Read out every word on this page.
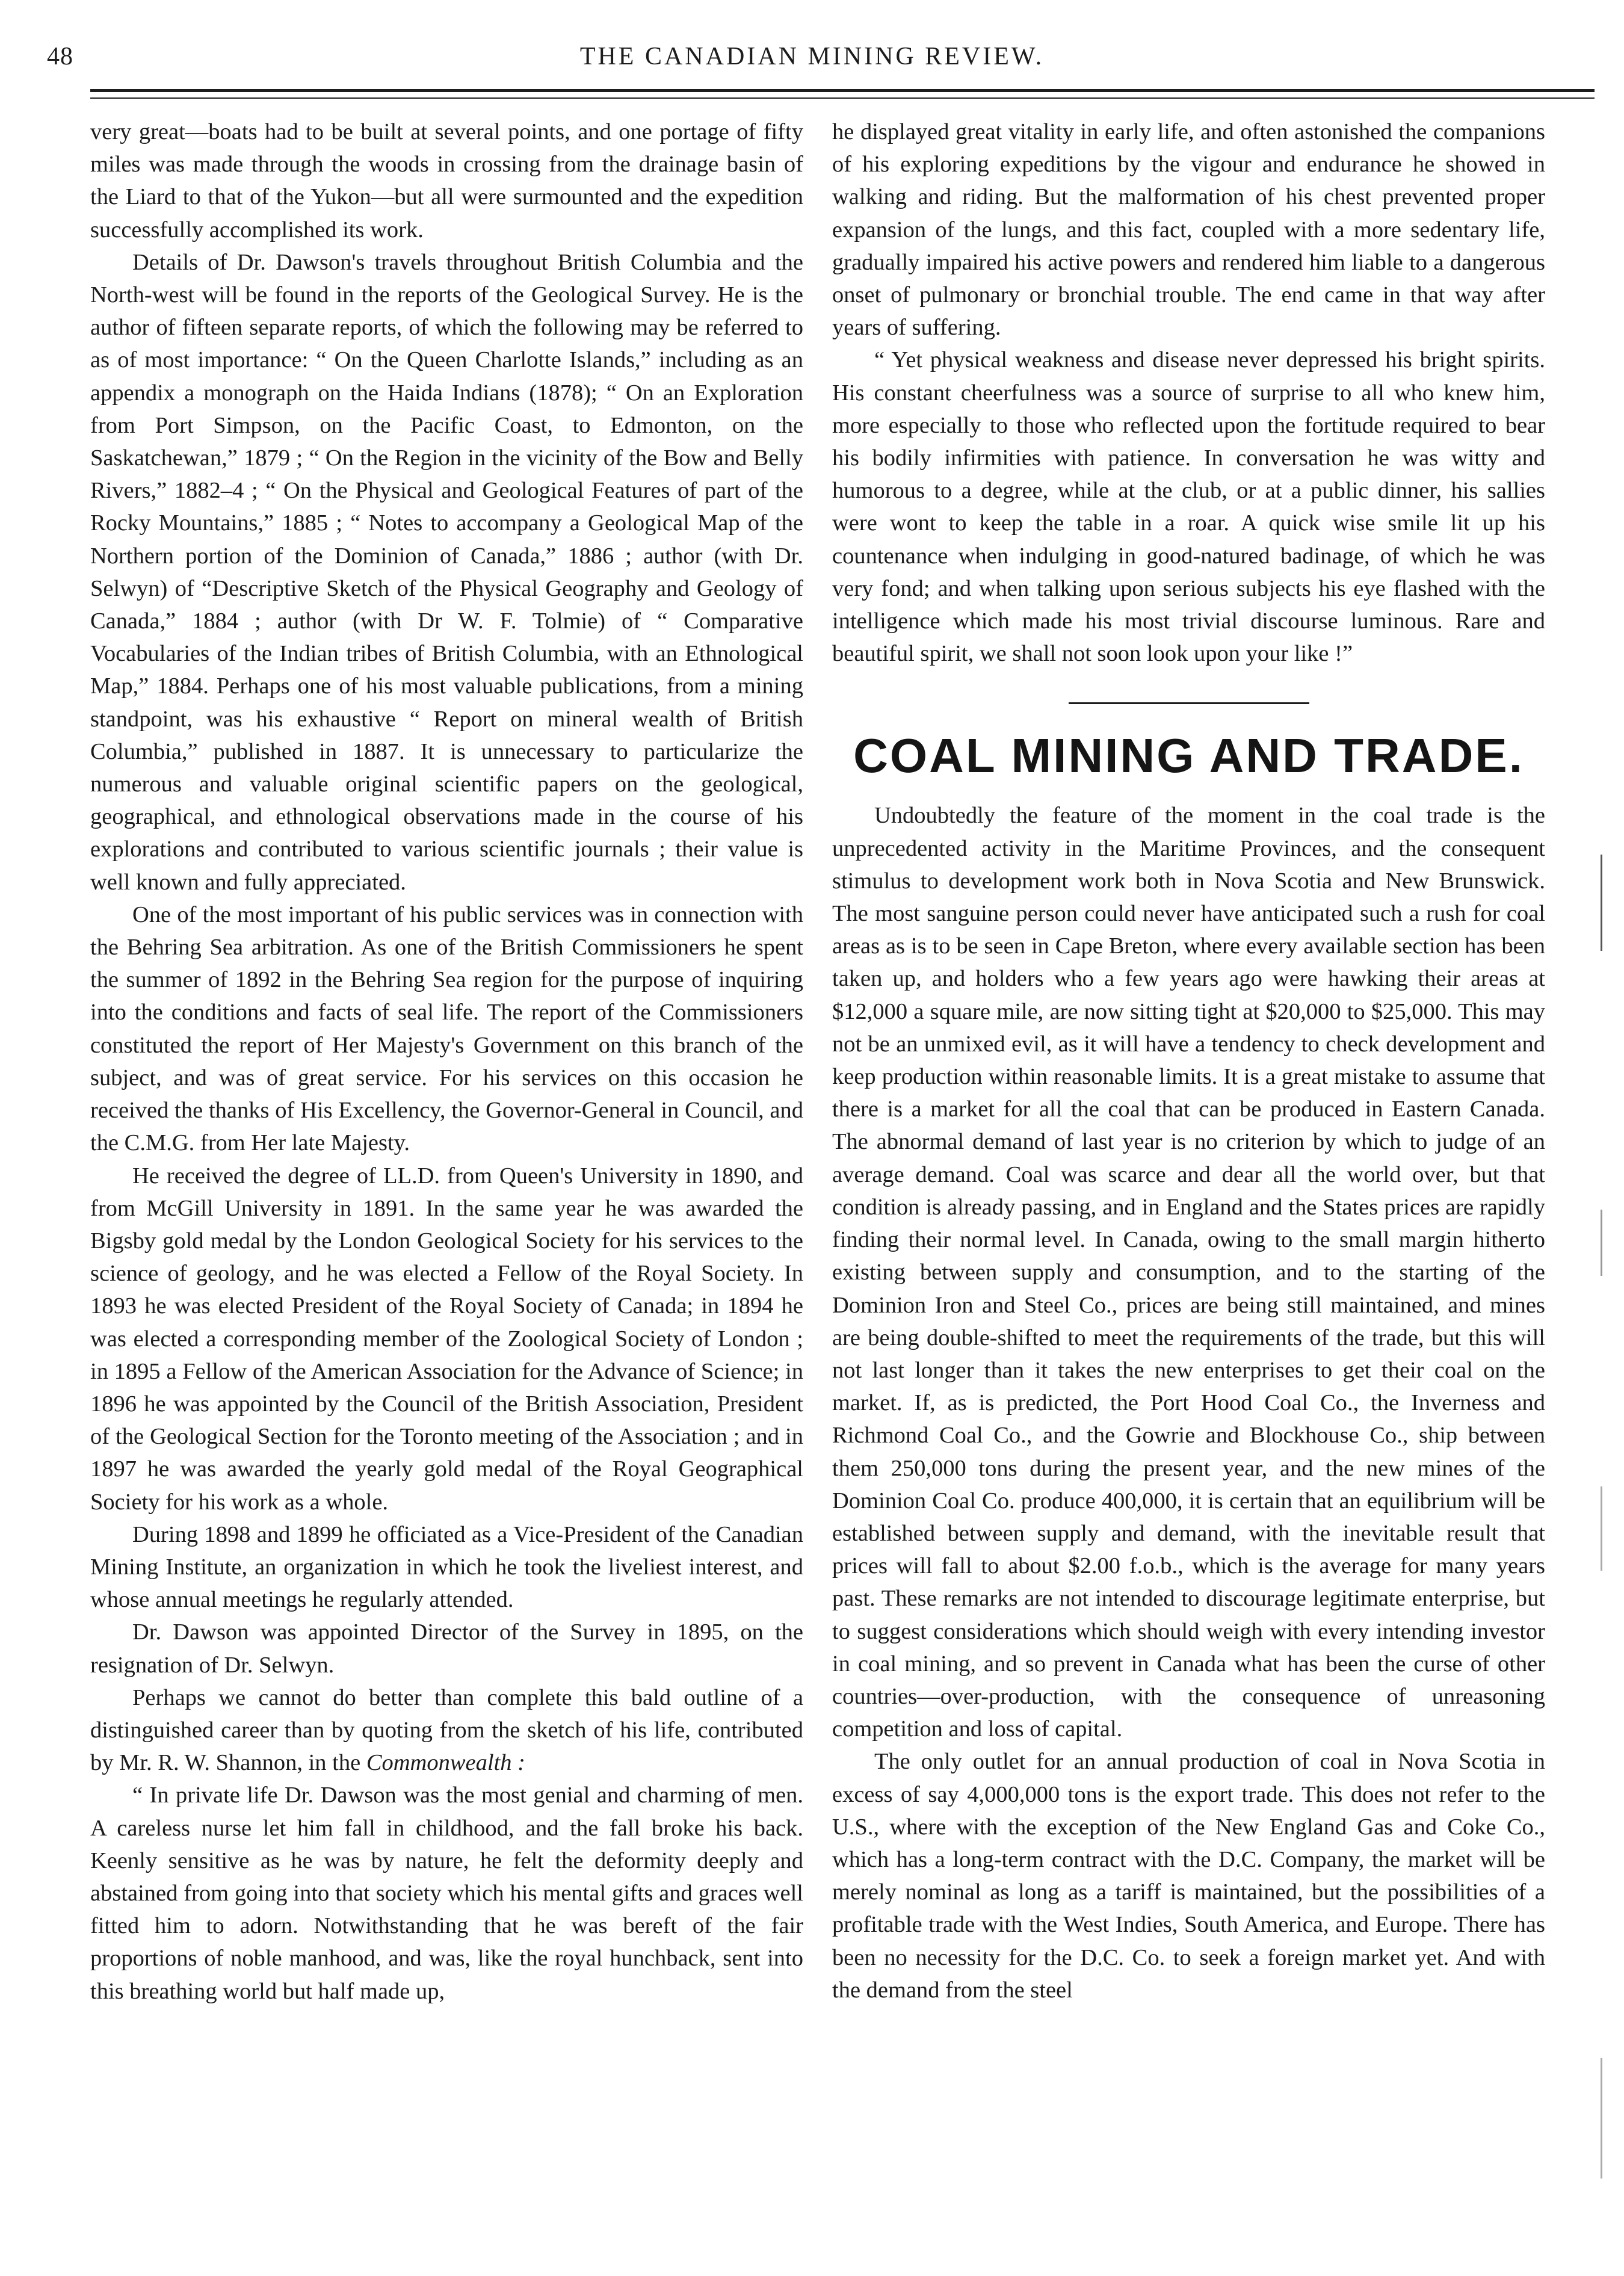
48	THE CANADIAN MINING REVIEW.

very great—boats had to be built at several points, and one portage of fifty miles was made through the woods in crossing from the drainage basin of the Liard to that of the Yukon—but all were surmounted and the expedition successfully accomplished its work.

Details of Dr. Dawson's travels throughout British Columbia and the North-west will be found in the reports of the Geological Survey. He is the author of fifteen separate reports, of which the following may be referred to as of most importance: “ On the Queen Charlotte Islands,” including as an appendix a monograph on the Haida Indians (1878); “ On an Exploration from Port Simpson, on the Pacific Coast, to Edmonton, on the Saskatchewan,” 1879 ; “ On the Region in the vicinity of the Bow and Belly Rivers,” 1882–4 ; “ On the Physical and Geological Features of part of the Rocky Mountains,” 1885 ; “ Notes to accompany a Geological Map of the Northern portion of the Dominion of Canada,” 1886 ; author (with Dr. Selwyn) of “Descriptive Sketch of the Physical Geography and Geology of Canada,” 1884 ; author (with Dr W. F. Tolmie) of “ Comparative Vocabularies of the Indian tribes of British Columbia, with an Ethnological Map,” 1884. Perhaps one of his most valuable publications, from a mining standpoint, was his exhaustive “ Report on mineral wealth of British Columbia,” published in 1887. It is unnecessary to particularize the numerous and valuable original scientific papers on the geological, geographical, and ethnological observations made in the course of his explorations and contributed to various scientific journals ; their value is well known and fully appreciated.

One of the most important of his public services was in connection with the Behring Sea arbitration. As one of the British Commissioners he spent the summer of 1892 in the Behring Sea region for the purpose of inquiring into the conditions and facts of seal life. The report of the Commissioners constituted the report of Her Majesty's Government on this branch of the subject, and was of great service. For his services on this occasion he received the thanks of His Excellency, the Governor-General in Council, and the C.M.G. from Her late Majesty.

He received the degree of LL.D. from Queen's University in 1890, and from McGill University in 1891. In the same year he was awarded the Bigsby gold medal by the London Geological Society for his services to the science of geology, and he was elected a Fellow of the Royal Society. In 1893 he was elected President of the Royal Society of Canada; in 1894 he was elected a corresponding member of the Zoological Society of London ; in 1895 a Fellow of the American Association for the Advance of Science; in 1896 he was appointed by the Council of the British Association, President of the Geological Section for the Toronto meeting of the Association ; and in 1897 he was awarded the yearly gold medal of the Royal Geographical Society for his work as a whole.

During 1898 and 1899 he officiated as a Vice-President of the Canadian Mining Institute, an organization in which he took the liveliest interest, and whose annual meetings he regularly attended.

Dr. Dawson was appointed Director of the Survey in 1895, on the resignation of Dr. Selwyn.

Perhaps we cannot do better than complete this bald outline of a distinguished career than by quoting from the sketch of his life, contributed by Mr. R. W. Shannon, in the Commonwealth :

“ In private life Dr. Dawson was the most genial and charming of men. A careless nurse let him fall in childhood, and the fall broke his back. Keenly sensitive as he was by nature, he felt the deformity deeply and abstained from going into that society which his mental gifts and graces well fitted him to adorn. Notwithstanding that he was bereft of the fair proportions of noble manhood, and was, like the royal hunchback, sent into this breathing world but half made up,

he displayed great vitality in early life, and often astonished the companions of his exploring expeditions by the vigour and endurance he showed in walking and riding. But the malformation of his chest prevented proper expansion of the lungs, and this fact, coupled with a more sedentary life, gradually impaired his active powers and rendered him liable to a dangerous onset of pulmonary or bronchial trouble. The end came in that way after years of suffering.

“ Yet physical weakness and disease never depressed his bright spirits. His constant cheerfulness was a source of surprise to all who knew him, more especially to those who reflected upon the fortitude required to bear his bodily infirmities with patience. In conversation he was witty and humorous to a degree, while at the club, or at a public dinner, his sallies were wont to keep the table in a roar. A quick wise smile lit up his countenance when indulging in good-natured badinage, of which he was very fond; and when talking upon serious subjects his eye flashed with the intelligence which made his most trivial discourse luminous. Rare and beautiful spirit, we shall not soon look upon your like !”

COAL MINING AND TRADE.

Undoubtedly the feature of the moment in the coal trade is the unprecedented activity in the Maritime Provinces, and the consequent stimulus to development work both in Nova Scotia and New Brunswick. The most sanguine person could never have anticipated such a rush for coal areas as is to be seen in Cape Breton, where every available section has been taken up, and holders who a few years ago were hawking their areas at $12,000 a square mile, are now sitting tight at $20,000 to $25,000. This may not be an unmixed evil, as it will have a tendency to check development and keep production within reasonable limits. It is a great mistake to assume that there is a market for all the coal that can be produced in Eastern Canada. The abnormal demand of last year is no criterion by which to judge of an average demand. Coal was scarce and dear all the world over, but that condition is already passing, and in England and the States prices are rapidly finding their normal level. In Canada, owing to the small margin hitherto existing between supply and consumption, and to the starting of the Dominion Iron and Steel Co., prices are being still maintained, and mines are being double-shifted to meet the requirements of the trade, but this will not last longer than it takes the new enterprises to get their coal on the market. If, as is predicted, the Port Hood Coal Co., the Inverness and Richmond Coal Co., and the Gowrie and Blockhouse Co., ship between them 250,000 tons during the present year, and the new mines of the Dominion Coal Co. produce 400,000, it is certain that an equilibrium will be established between supply and demand, with the inevitable result that prices will fall to about $2.00 f.o.b., which is the average for many years past. These remarks are not intended to discourage legitimate enterprise, but to suggest considerations which should weigh with every intending investor in coal mining, and so prevent in Canada what has been the curse of other countries—over-production, with the consequence of unreasoning competition and loss of capital.

The only outlet for an annual production of coal in Nova Scotia in excess of say 4,000,000 tons is the export trade. This does not refer to the U.S., where with the exception of the New England Gas and Coke Co., which has a long-term contract with the D.C. Company, the market will be merely nominal as long as a tariff is maintained, but the possibilities of a profitable trade with the West Indies, South America, and Europe. There has been no necessity for the D.C. Co. to seek a foreign market yet. And with the demand from the steel
